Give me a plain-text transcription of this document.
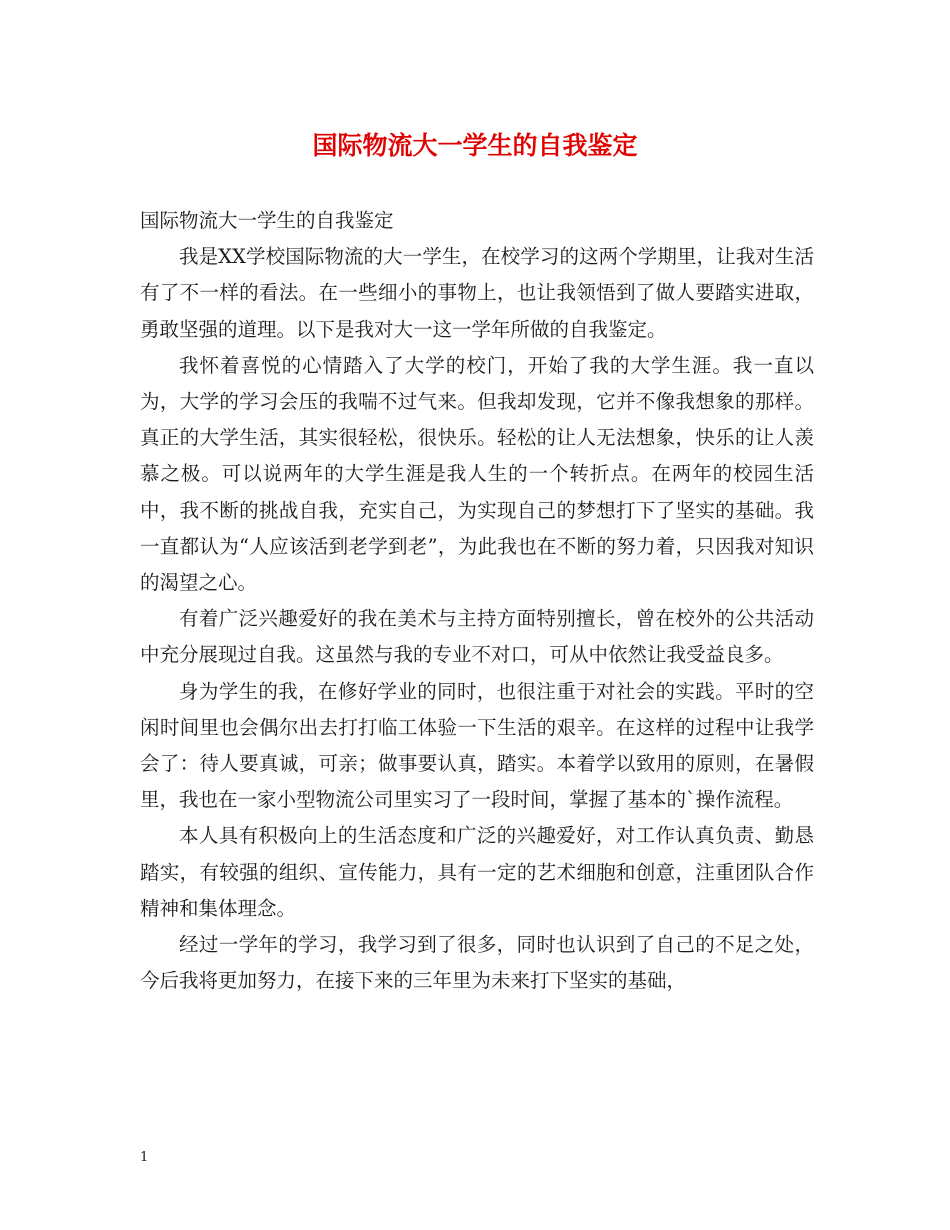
国际物流大一学生的自我鉴定

国际物流大一学生的自我鉴定

我是XX学校国际物流的大一学生，在校学习的这两个学期里，让我对生活有了不一样的看法。在一些细小的事物上，也让我领悟到了做人要踏实进取，勇敢坚强的道理。以下是我对大一这一学年所做的自我鉴定。

我怀着喜悦的心情踏入了大学的校门，开始了我的大学生涯。我一直以为，大学的学习会压的我喘不过气来。但我却发现，它并不像我想象的那样。真正的大学生活，其实很轻松，很快乐。轻松的让人无法想象，快乐的让人羡慕之极。可以说两年的大学生涯是我人生的一个转折点。在两年的校园生活中，我不断的挑战自我，充实自己，为实现自己的梦想打下了坚实的基础。我一直都认为“人应该活到老学到老”，为此我也在不断的努力着，只因我对知识的渴望之心。

有着广泛兴趣爱好的我在美术与主持方面特别擅长，曾在校外的公共活动中充分展现过自我。这虽然与我的专业不对口，可从中依然让我受益良多。

身为学生的我，在修好学业的同时，也很注重于对社会的实践。平时的空闲时间里也会偶尔出去打打临工体验一下生活的艰辛。在这样的过程中让我学会了：待人要真诚，可亲；做事要认真，踏实。本着学以致用的原则，在暑假里，我也在一家小型物流公司里实习了一段时间，掌握了基本的`操作流程。

本人具有积极向上的生活态度和广泛的兴趣爱好，对工作认真负责、勤恳踏实，有较强的组织、宣传能力，具有一定的艺术细胞和创意，注重团队合作精神和集体理念。

经过一学年的学习，我学习到了很多，同时也认识到了自己的不足之处，今后我将更加努力，在接下来的三年里为未来打下坚实的基础，

1
